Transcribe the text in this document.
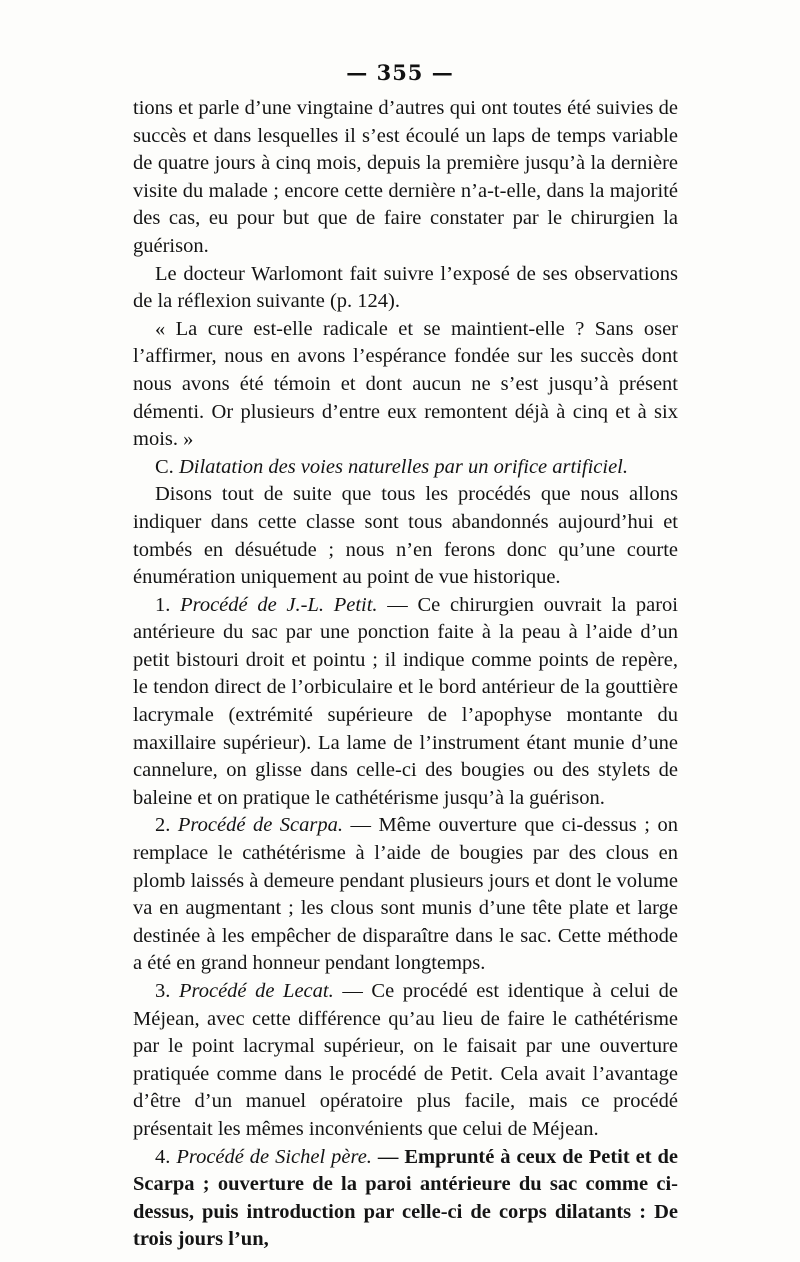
— 355 —

tions et parle d’une vingtaine d’autres qui ont toutes été suivies de succès et dans lesquelles il s’est écoulé un laps de temps variable de quatre jours à cinq mois, depuis la première jusqu’à la dernière visite du malade ; encore cette dernière n’a-t-elle, dans la majorité des cas, eu pour but que de faire constater par le chirurgien la guérison.

Le docteur Warlomont fait suivre l’exposé de ses observations de la réflexion suivante (p. 124).

« La cure est-elle radicale et se maintient-elle ? Sans oser l’affirmer, nous en avons l’espérance fondée sur les succès dont nous avons été témoin et dont aucun ne s’est jusqu’à présent démenti. Or plusieurs d’entre eux remontent déjà à cinq et à six mois. »

C. Dilatation des voies naturelles par un orifice artificiel.

Disons tout de suite que tous les procédés que nous allons indiquer dans cette classe sont tous abandonnés aujourd’hui et tombés en désuétude ; nous n’en ferons donc qu’une courte énumération uniquement au point de vue historique.

1. Procédé de J.-L. Petit. — Ce chirurgien ouvrait la paroi antérieure du sac par une ponction faite à la peau à l’aide d’un petit bistouri droit et pointu ; il indique comme points de repère, le tendon direct de l’orbiculaire et le bord antérieur de la gouttière lacrymale (extrémité supérieure de l’apophyse montante du maxillaire supérieur). La lame de l’instrument étant munie d’une cannelure, on glisse dans celle-ci des bougies ou des stylets de baleine et on pratique le cathétérisme jusqu’à la guérison.

2. Procédé de Scarpa. — Même ouverture que ci-dessus ; on remplace le cathétérisme à l’aide de bougies par des clous en plomb laissés à demeure pendant plusieurs jours et dont le volume va en augmentant ; les clous sont munis d’une tête plate et large destinée à les empêcher de disparaître dans le sac. Cette méthode a été en grand honneur pendant longtemps.

3. Procédé de Lecat. — Ce procédé est identique à celui de Méjean, avec cette différence qu’au lieu de faire le cathétérisme par le point lacrymal supérieur, on le faisait par une ouverture pratiquée comme dans le procédé de Petit. Cela avait l’avantage d’être d’un manuel opératoire plus facile, mais ce procédé présentait les mêmes inconvénients que celui de Méjean.

4. Procédé de Sichel père. — Emprunté à ceux de Petit et de Scarpa ; ouverture de la paroi antérieure du sac comme ci-dessus, puis introduction par celle-ci de corps dilatants : De trois jours l’un,
